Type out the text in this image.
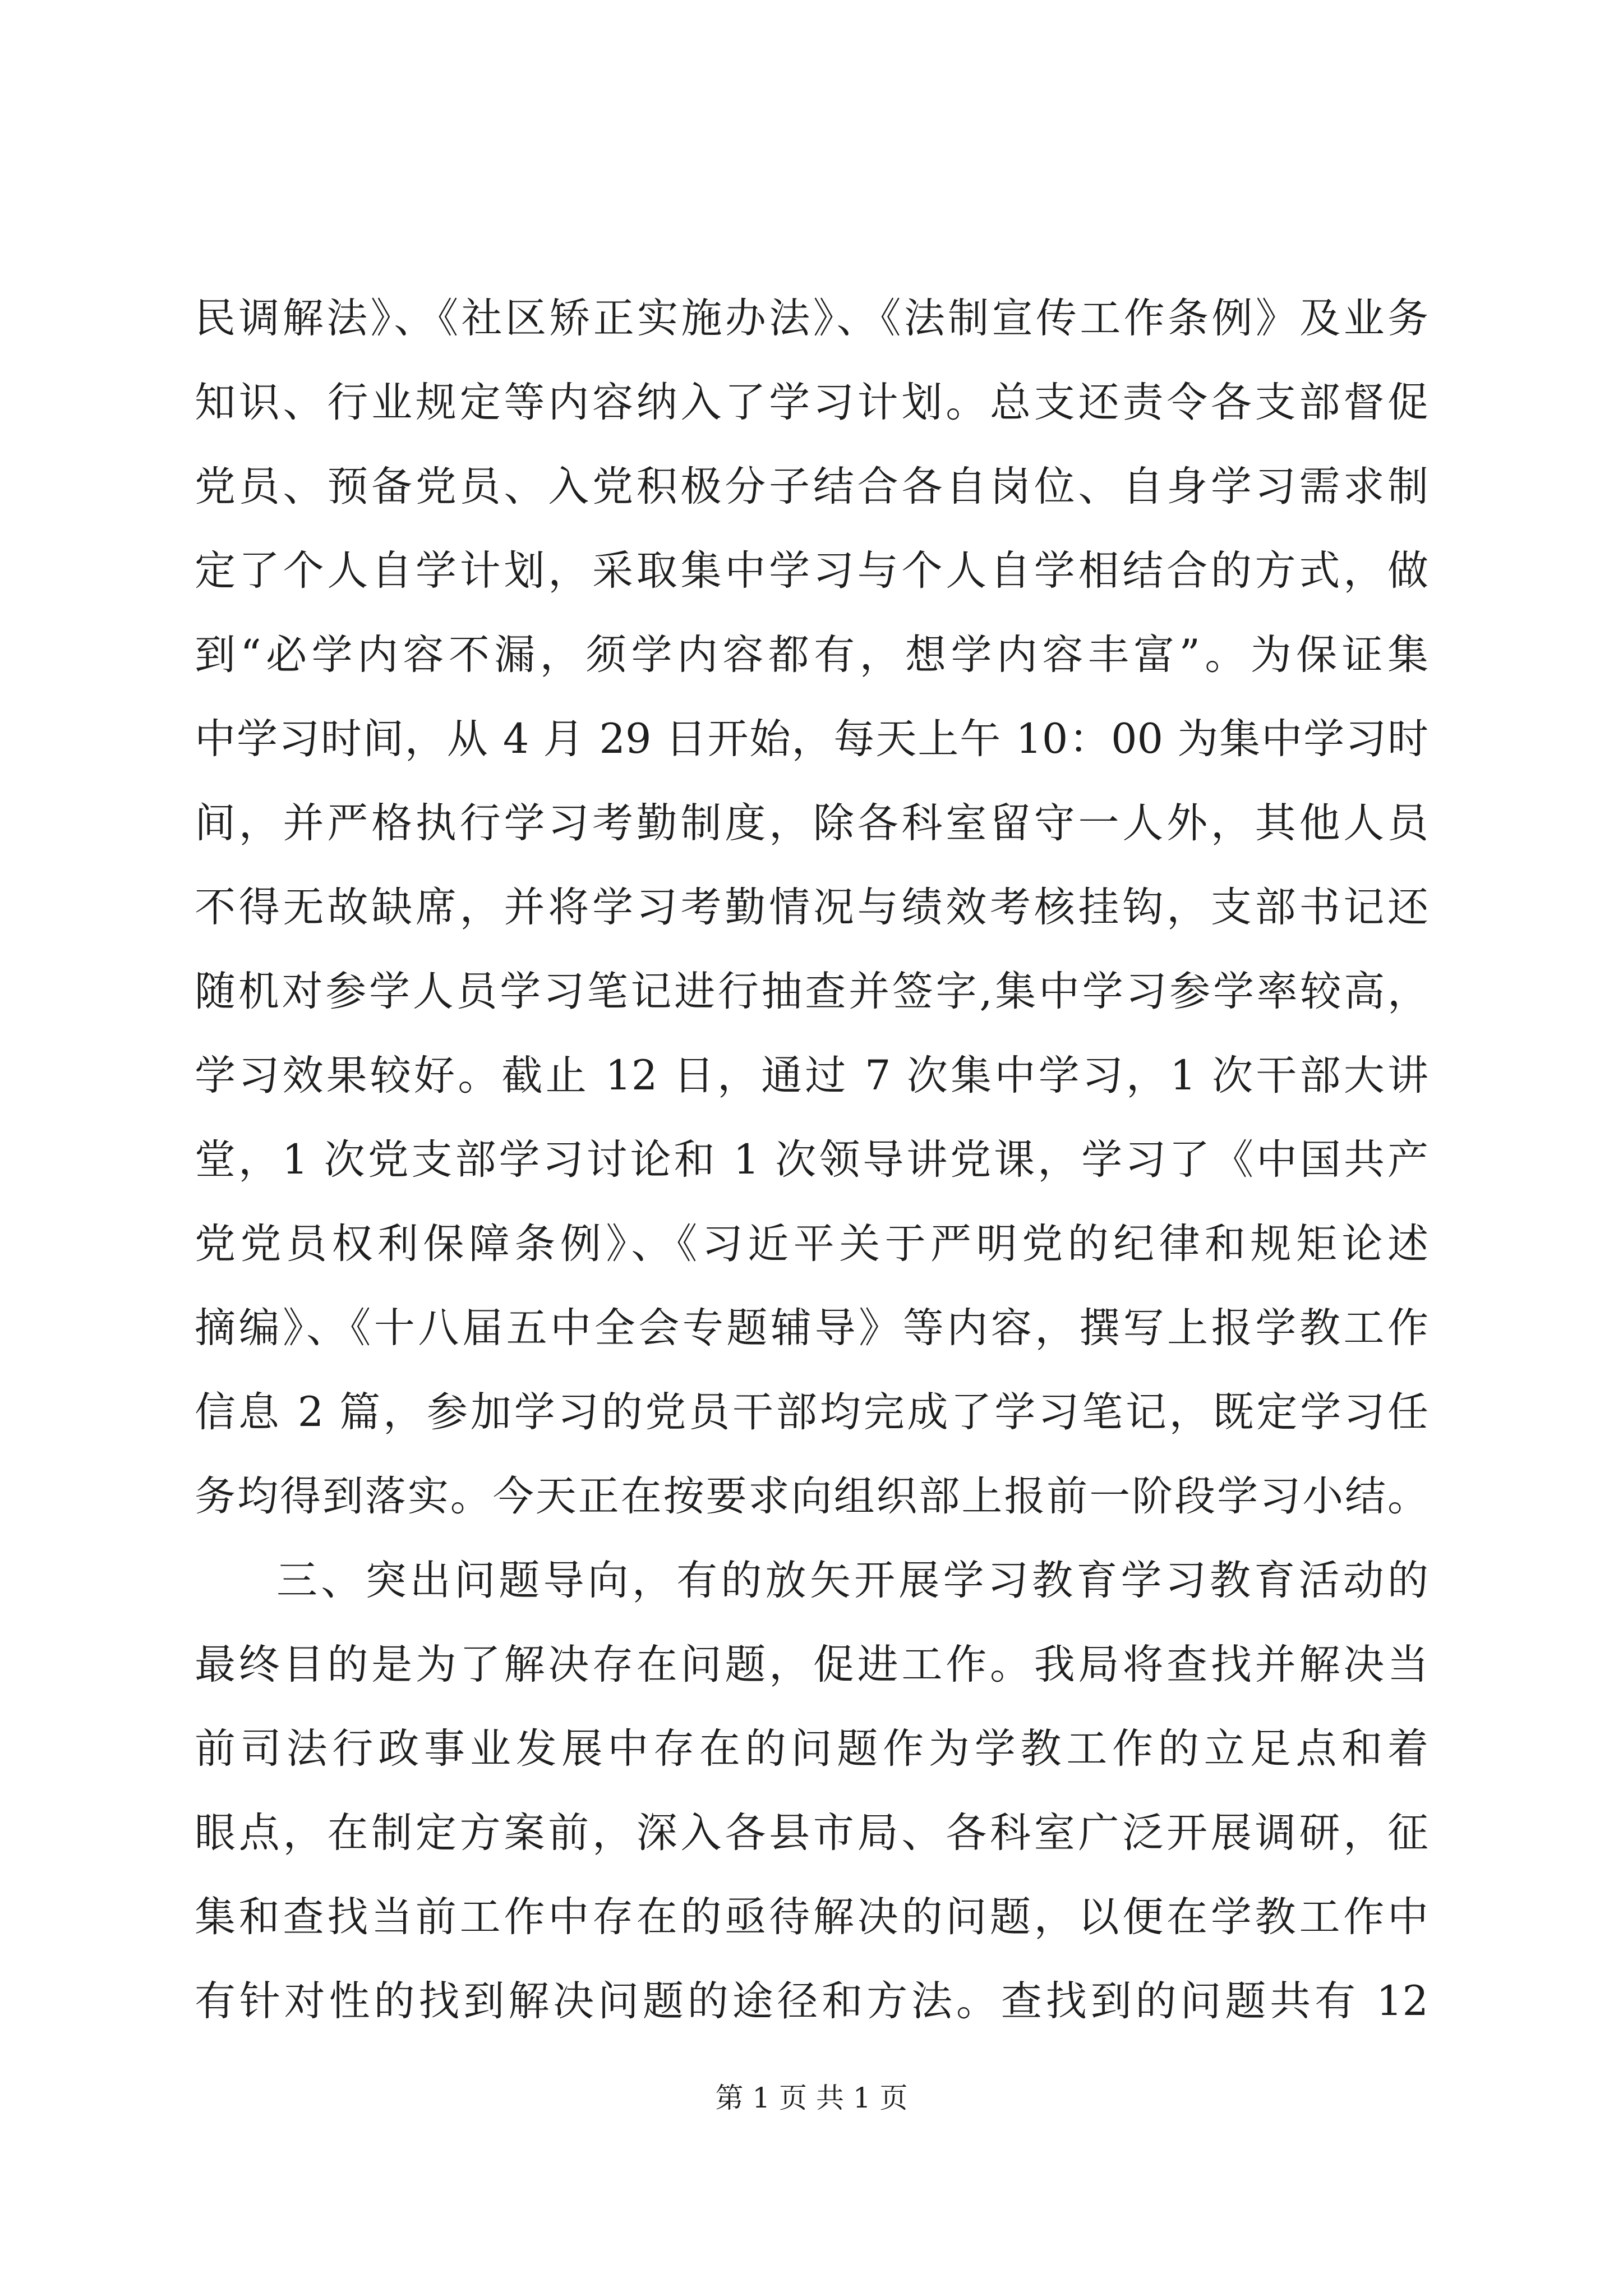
民调解法》、《社区矫正实施办法》、《法制宣传工作条例》及业务
知识、行业规定等内容纳入了学习计划。总支还责令各支部督促
党员、预备党员、入党积极分子结合各自岗位、自身学习需求制
定了个人自学计划，采取集中学习与个人自学相结合的方式，做
到“必学内容不漏，须学内容都有，想学内容丰富”。为保证集
中学习时间，从 4 月 29 日开始，每天上午 10：00 为集中学习时
间，并严格执行学习考勤制度，除各科室留守一人外，其他人员
不得无故缺席，并将学习考勤情况与绩效考核挂钩，支部书记还
随机对参学人员学习笔记进行抽查并签字,集中学习参学率较高，
学习效果较好。截止 12 日，通过 7 次集中学习，1 次干部大讲
堂，1 次党支部学习讨论和 1 次领导讲党课，学习了《中国共产
党党员权利保障条例》、《习近平关于严明党的纪律和规矩论述
摘编》、《十八届五中全会专题辅导》等内容，撰写上报学教工作
信息 2 篇，参加学习的党员干部均完成了学习笔记，既定学习任
务均得到落实。今天正在按要求向组织部上报前一阶段学习小结。
三、突出问题导向，有的放矢开展学习教育学习教育活动的
最终目的是为了解决存在问题，促进工作。我局将查找并解决当
前司法行政事业发展中存在的问题作为学教工作的立足点和着
眼点，在制定方案前，深入各县市局、各科室广泛开展调研，征
集和查找当前工作中存在的亟待解决的问题，以便在学教工作中
有针对性的找到解决问题的途径和方法。查找到的问题共有 12
第 1 页 共 1 页
